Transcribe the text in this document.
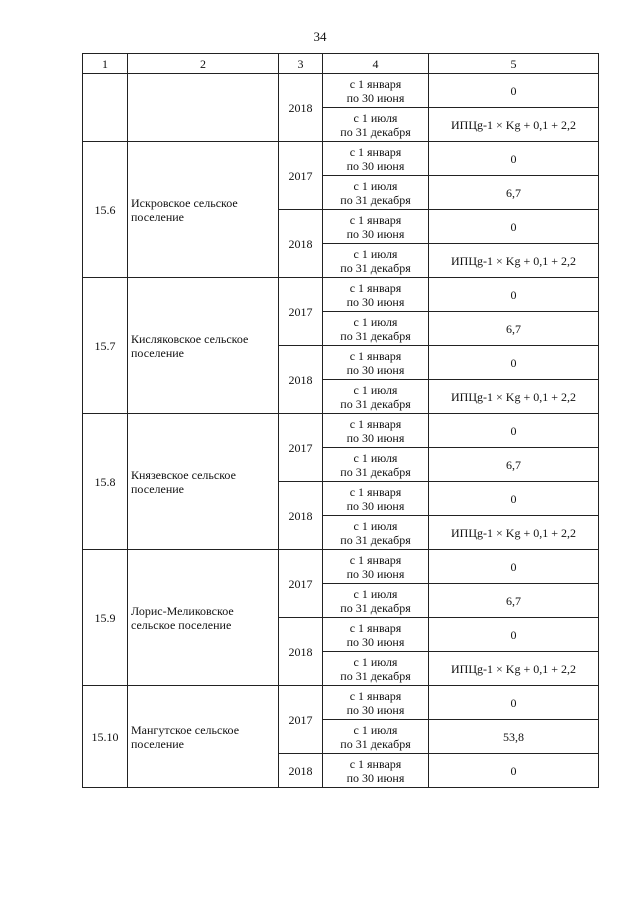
34
1	2	3	4	5
		2018	с 1 января
по 30 июня	0

			с 1 июля
по 31 декабря	ИПЦg-1 × Kg + 0,1 + 2,2
15.6	Искровское сельское поселение	2017	с 1 января
по 30 июня	0

			с 1 июля
по 31 декабря	6,7
		2018	с 1 января
по 30 июня	0

			с 1 июля
по 31 декабря	ИПЦg-1 × Kg + 0,1 + 2,2
15.7	Кисляковское сельское поселение	2017	с 1 января
по 30 июня	0

			с 1 июля
по 31 декабря	6,7
		2018	с 1 января
по 30 июня	0

			с 1 июля
по 31 декабря	ИПЦg-1 × Kg + 0,1 + 2,2
15.8	Князевское сельское поселение	2017	с 1 января
по 30 июня	0

			с 1 июля
по 31 декабря	6,7
		2018	с 1 января
по 30 июня	0

			с 1 июля
по 31 декабря	ИПЦg-1 × Kg + 0,1 + 2,2
15.9	Лорис-Меликовское сельское поселение	2017	с 1 января
по 30 июня	0

			с 1 июля
по 31 декабря	6,7
		2018	с 1 января
по 30 июня	0

			с 1 июля
по 31 декабря	ИПЦg-1 × Kg + 0,1 + 2,2
15.10	Мангутское сельское поселение	2017	с 1 января
по 30 июня	0

			с 1 июля
по 31 декабря	53,8
		2018	с 1 января
по 30 июня	0
